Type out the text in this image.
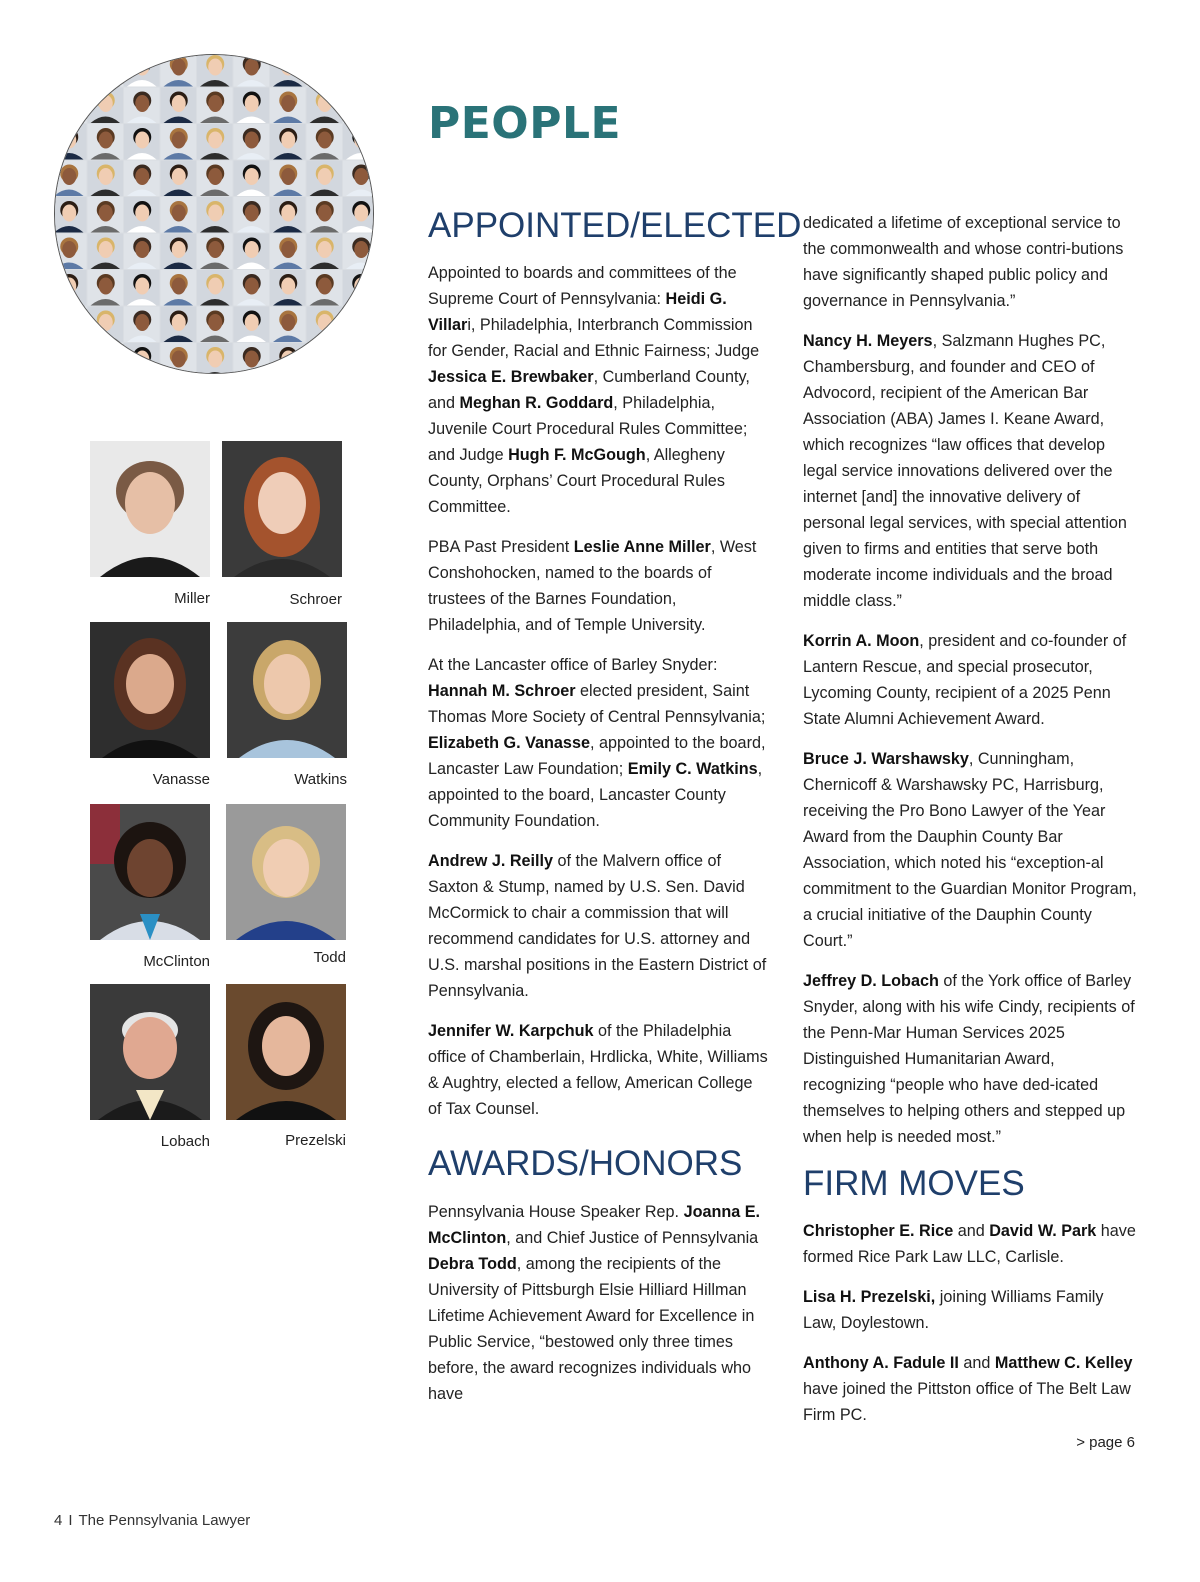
PEOPLE
Miller	Schroer
Vanasse	Watkins
McClinton	Todd
Lobach	Prezelski
APPOINTED/ELECTED

Appointed to boards and committees of the Supreme Court of Pennsylvania: Heidi G. Villari, Philadelphia, Interbranch Commission for Gender, Racial and Ethnic Fairness; Judge Jessica E. Brewbaker, Cumberland County, and Meghan R. Goddard, Philadelphia, Juvenile Court Procedural Rules Committee; and Judge Hugh F. McGough, Allegheny County, Orphans’ Court Procedural Rules Committee.

PBA Past President Leslie Anne Miller, West Conshohocken, named to the boards of trustees of the Barnes Foundation, Philadelphia, and of Temple University.

At the Lancaster office of Barley Snyder: Hannah M. Schroer elected president, Saint Thomas More Society of Central Pennsylvania; Elizabeth G. Vanasse, appointed to the board, Lancaster Law Foundation; Emily C. Watkins, appointed to the board, Lancaster County Community Foundation.

Andrew J. Reilly of the Malvern office of Saxton & Stump, named by U.S. Sen. David McCormick to chair a commission that will recommend candidates for U.S. attorney and U.S. marshal positions in the Eastern District of Pennsylvania.

Jennifer W. Karpchuk of the Philadelphia office of Chamberlain, Hrdlicka, White, Williams & Aughtry, elected a fellow, American College of Tax Counsel.

AWARDS/HONORS

Pennsylvania House Speaker Rep. Joanna E. McClinton, and Chief Justice of Pennsylvania Debra Todd, among the recipients of the University of Pittsburgh Elsie Hilliard Hillman Lifetime Achievement Award for Excellence in Public Service, “bestowed only three times before, the award recognizes individuals who have

dedicated a lifetime of exceptional service to the commonwealth and whose contri-butions have significantly shaped public policy and governance in Pennsylvania.”

Nancy H. Meyers, Salzmann Hughes PC, Chambersburg, and founder and CEO of Advocord, recipient of the American Bar Association (ABA) James I. Keane Award, which recognizes “law offices that develop legal service innovations delivered over the internet [and] the innovative delivery of personal legal services, with special attention given to firms and entities that serve both moderate income individuals and the broad middle class.”

Korrin A. Moon, president and co-founder of Lantern Rescue, and special prosecutor, Lycoming County, recipient of a 2025 Penn State Alumni Achievement Award.

Bruce J. Warshawsky, Cunningham, Chernicoff & Warshawsky PC, Harrisburg, receiving the Pro Bono Lawyer of the Year Award from the Dauphin County Bar Association, which noted his “exception-al commitment to the Guardian Monitor Program, a crucial initiative of the Dauphin County Court.”

Jeffrey D. Lobach of the York office of Barley Snyder, along with his wife Cindy, recipients of the Penn-Mar Human Services 2025 Distinguished Humanitarian Award, recognizing “people who have ded-icated themselves to helping others and stepped up when help is needed most.”

FIRM MOVES

Christopher E. Rice and David W. Park have formed Rice Park Law LLC, Carlisle.

Lisa H. Prezelski, joining Williams Family Law, Doylestown.

Anthony A. Fadule II and Matthew C. Kelley have joined the Pittston office of The Belt Law Firm PC.

> page 6
4 I The Pennsylvania Lawyer
